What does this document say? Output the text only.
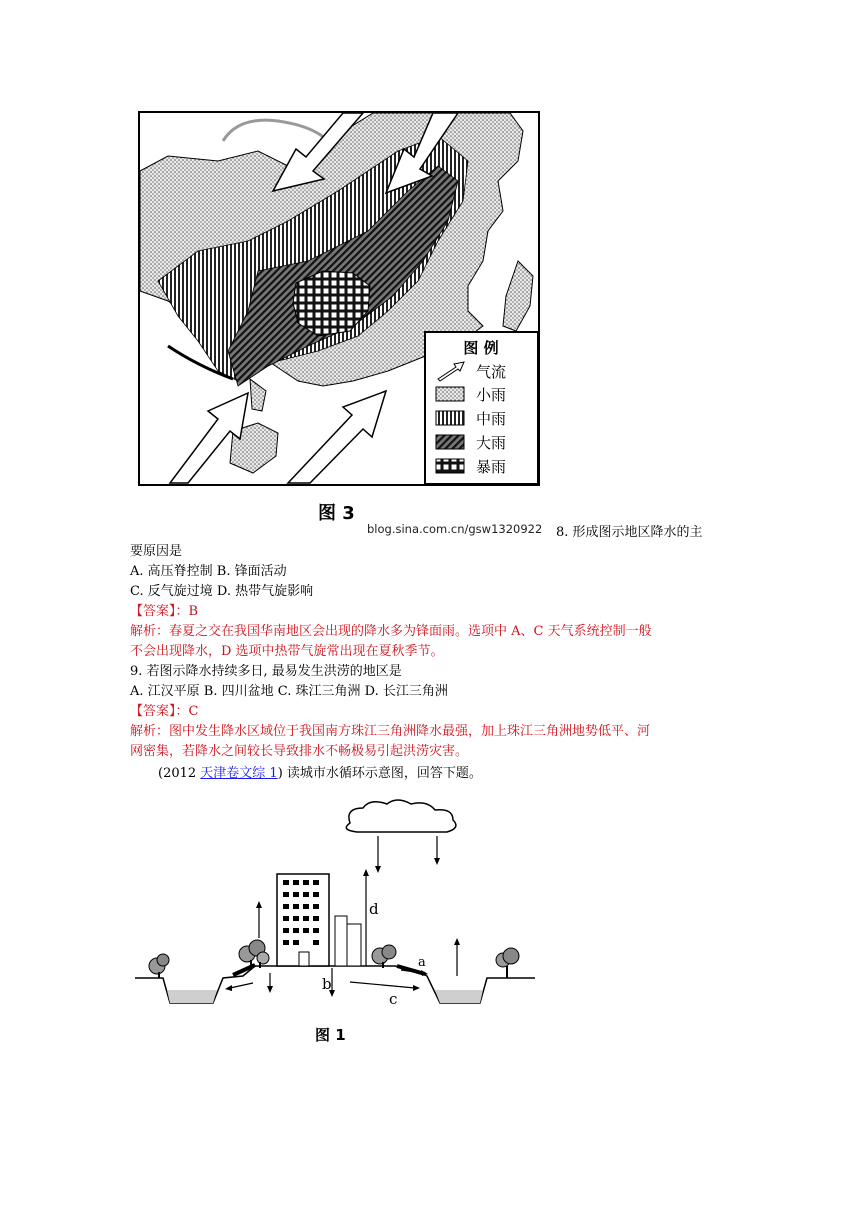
图 例
气流
小雨
中雨
大雨
暴雨
图 3
blog.sina.com.cn/gsw1320922 8. 形成图示地区降水的主
要原因是
A. 高压脊控制 B. 锋面活动
C. 反气旋过境 D. 热带气旋影响
【答案】：B
解析：春夏之交在我国华南地区会出现的降水多为锋面雨。选项中 A、C 天气系统控制一般
不会出现降水，D 选项中热带气旋常出现在夏秋季节。
9. 若图示降水持续多日, 最易发生洪涝的地区是
A. 江汉平原 B. 四川盆地 C. 珠江三角洲 D. 长江三角洲
【答案】：C
解析：图中发生降水区域位于我国南方珠江三角洲降水最强，加上珠江三角洲地势低平、河
网密集，若降水之间较长导致排水不畅极易引起洪涝灾害。
(2012 天津卷文综 1) 读城市水循环示意图，回答下题。
d
a
b
c
图 1
